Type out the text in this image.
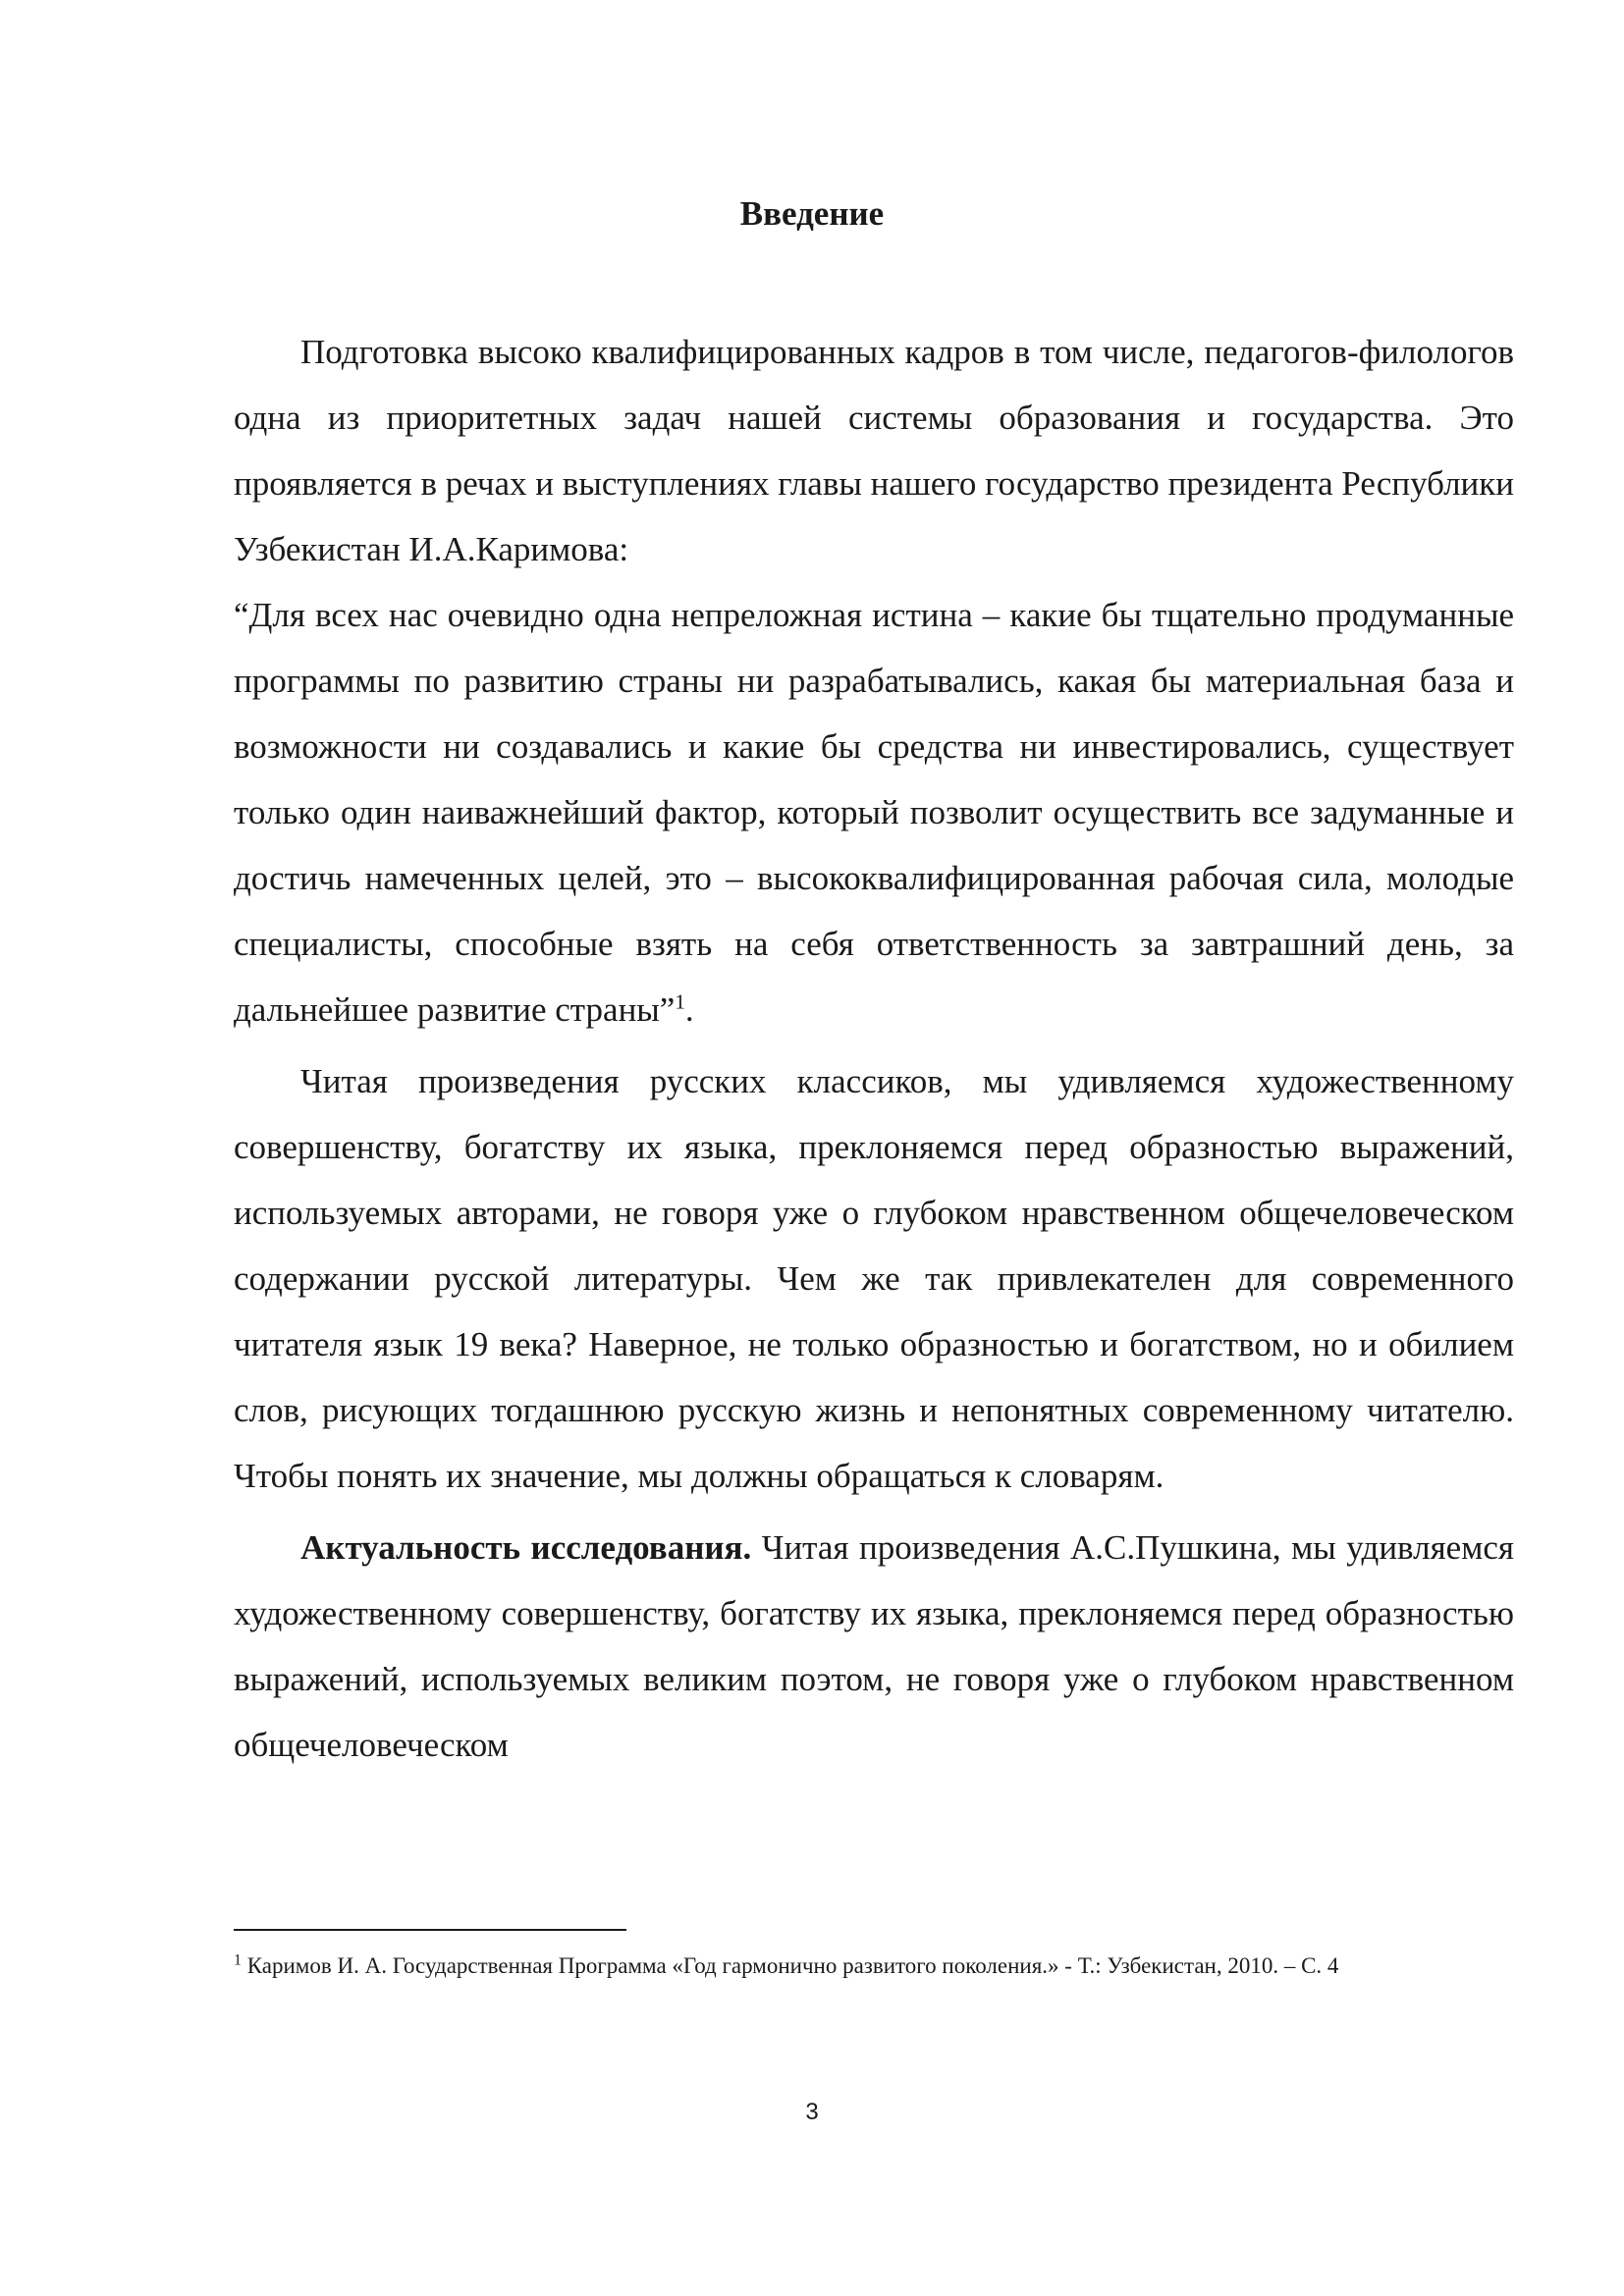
Введение

Подготовка высоко квалифицированных кадров в том числе, педагогов-филологов одна из приоритетных задач нашей системы образования и государства. Это проявляется в речах и выступлениях главы нашего государство президента Республики Узбекистан И.А.Каримова:

“Для всех нас очевидно одна непреложная истина – какие бы тщательно продуманные программы по развитию страны ни разрабатывались, какая бы материальная база и возможности ни создавались и какие бы средства ни инвестировались, существует только один наиважнейший фактор, который позволит осуществить все задуманные и достичь намеченных целей, это – высококвалифицированная рабочая сила, молодые специалисты, способные взять на себя ответственность за завтрашний день, за дальнейшее развитие страны”$^1$.

Читая произведения русских классиков, мы удивляемся художественному совершенству, богатству их языка, преклоняемся перед образностью выражений, используемых авторами, не говоря уже о глубоком нравственном общечеловеческом содержании русской литературы. Чем же так привлекателен для современного читателя язык 19 века? Наверное, не только образностью и богатством, но и обилием слов, рисующих тогдашнюю русскую жизнь и непонятных современному читателю. Чтобы понять их значение, мы должны обращаться к словарям.

Актуальность исследования. Читая произведения А.С.Пушкина, мы удивляемся художественному совершенству, богатству их языка, преклоняемся перед образностью выражений, используемых великим поэтом, не говоря уже о глубоком нравственном общечеловеческом

$^1$ Каримов И. А. Государственная Программа «Год гармонично развитого поколения.» - Т.: Узбекистан, 2010. – С. 4
3
